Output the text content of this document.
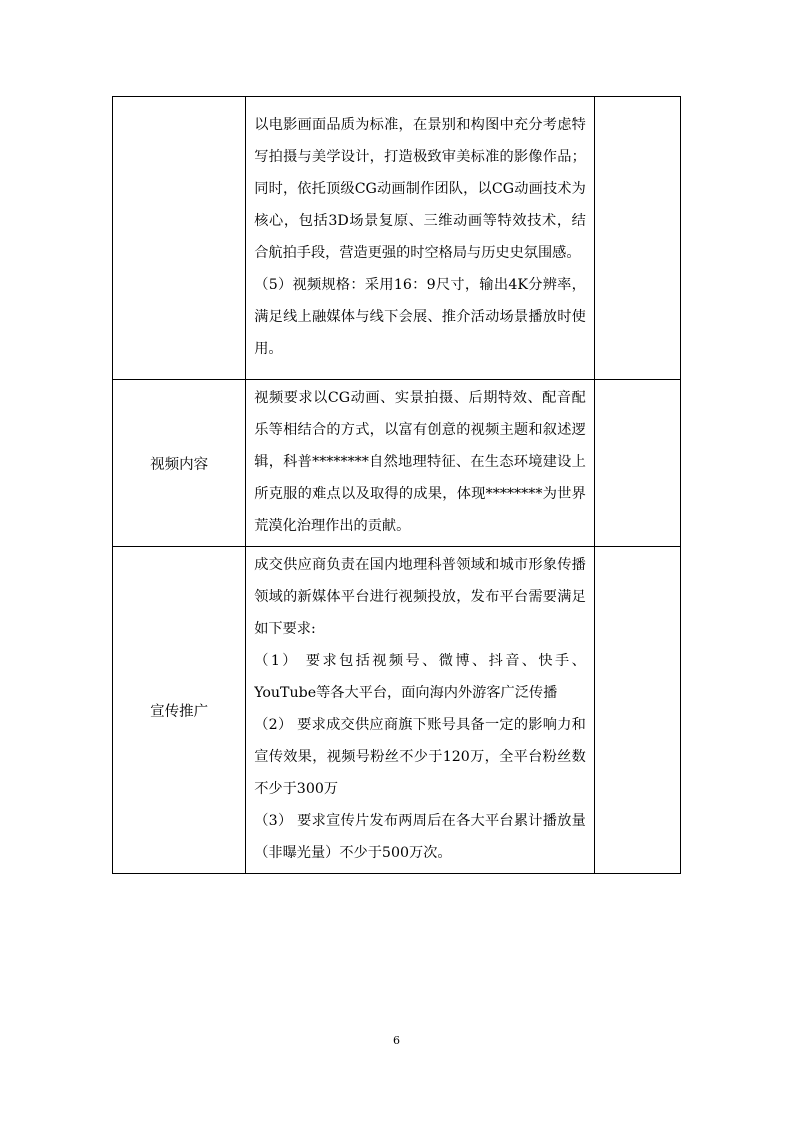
	以电影画面品质为标准，在景别和构图中充分考虑特写拍摄与美学设计，打造极致审美标准的影像作品；同时，依托顶级CG动画制作团队，以CG动画技术为核心，包括3D场景复原、三维动画等特效技术，结合航拍手段，营造更强的时空格局与历史史氛围感。

（5）视频规格：采用16：9尺寸，输出4K分辨率，满足线上融媒体与线下会展、推介活动场景播放时使用。	

视频内容	视频要求以CG动画、实景拍摄、后期特效、配音配乐等相结合的方式，以富有创意的视频主题和叙述逻辑，科普********自然地理特征、在生态环境建设上所克服的难点以及取得的成果，体现********为世界荒漠化治理作出的贡献。	

宣传推广	成交供应商负责在国内地理科普领域和城市形象传播领域的新媒体平台进行视频投放，发布平台需要满足如下要求:

（1） 要求包括视频号、微博、抖音、快手、YouTube等各大平台，面向海内外游客广泛传播

（2） 要求成交供应商旗下账号具备一定的影响力和宣传效果，视频号粉丝不少于120万，全平台粉丝数不少于300万

（3） 要求宣传片发布两周后在各大平台累计播放量（非曝光量）不少于500万次。	

6
